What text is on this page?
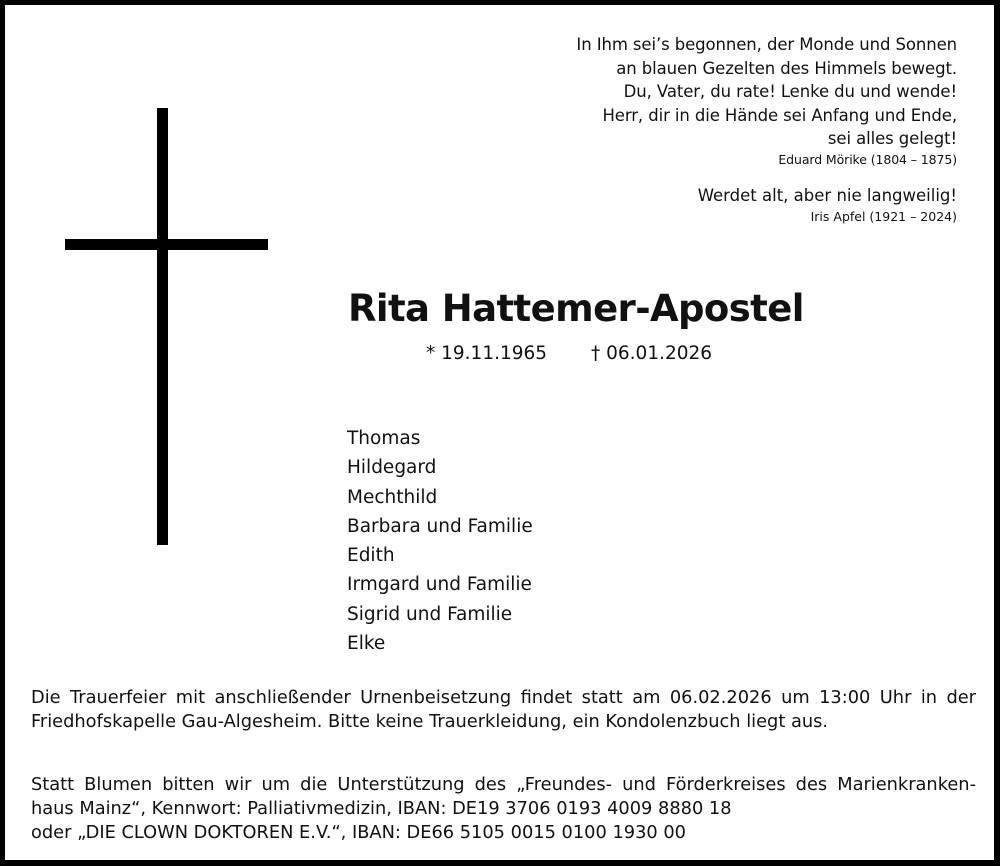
In Ihm sei’s begonnen, der Monde und Sonnen
an blauen Gezelten des Himmels bewegt.
Du, Vater, du rate! Lenke du und wende!
Herr, dir in die Hände sei Anfang und Ende,
sei alles gelegt!
Eduard Mörike (1804 – 1875)
Werdet alt, aber nie langweilig!
Iris Apfel (1921 – 2024)
Rita Hattemer-Apostel
* 19.11.1965 † 06.01.2026
Thomas
Hildegard
Mechthild
Barbara und Familie
Edith
Irmgard und Familie
Sigrid und Familie
Elke
Die Trauerfeier mit anschließender Urnenbeisetzung findet statt am 06.02.2026 um 13:00 Uhr in der
Friedhofskapelle Gau-Algesheim. Bitte keine Trauerkleidung, ein Kondolenzbuch liegt aus.
Statt Blumen bitten wir um die Unterstützung des „Freundes- und Förderkreises des Marienkranken-
haus Mainz“, Kennwort: Palliativmedizin, IBAN: DE19 3706 0193 4009 8880 18
oder „DIE CLOWN DOKTOREN E.V.“, IBAN: DE66 5105 0015 0100 1930 00
